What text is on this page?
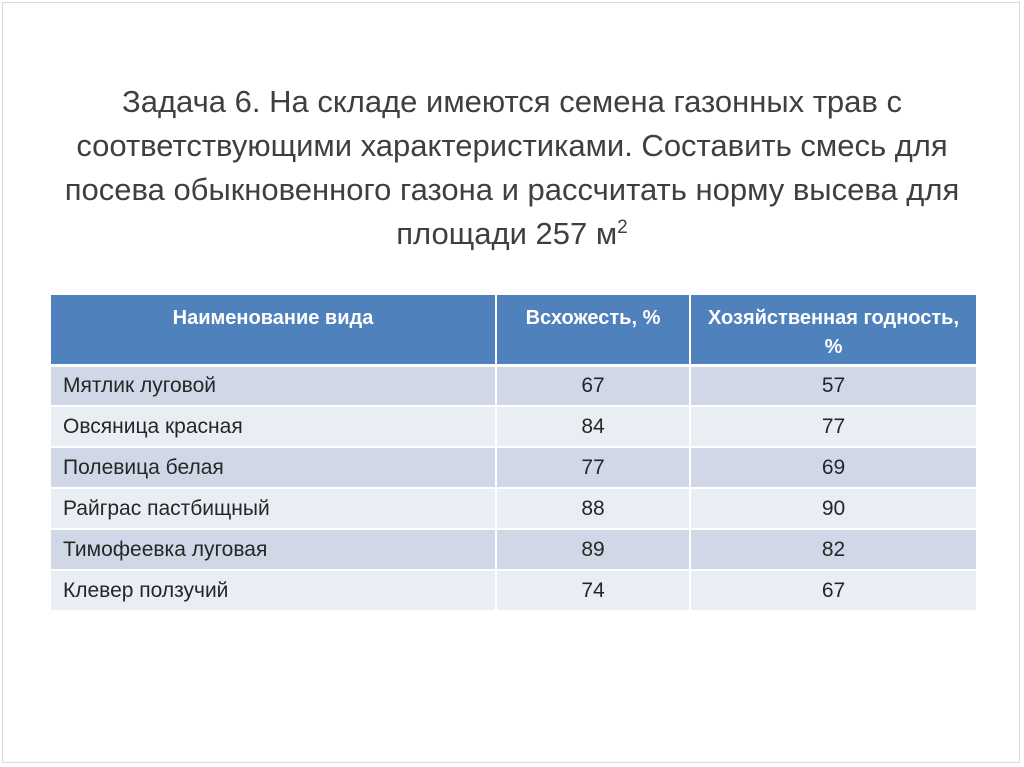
Задача 6. На складе имеются семена газонных трав с соответствующими характеристиками. Составить смесь для посева обыкновенного газона и рассчитать норму высева для площади 257 $м^2$
Наименование вида	Всхожесть, %	Хозяйственная годность, %
Мятлик луговой	67	57
Овсяница красная	84	77
Полевица белая	77	69
Райграс пастбищный	88	90
Тимофеевка луговая	89	82
Клевер ползучий	74	67
